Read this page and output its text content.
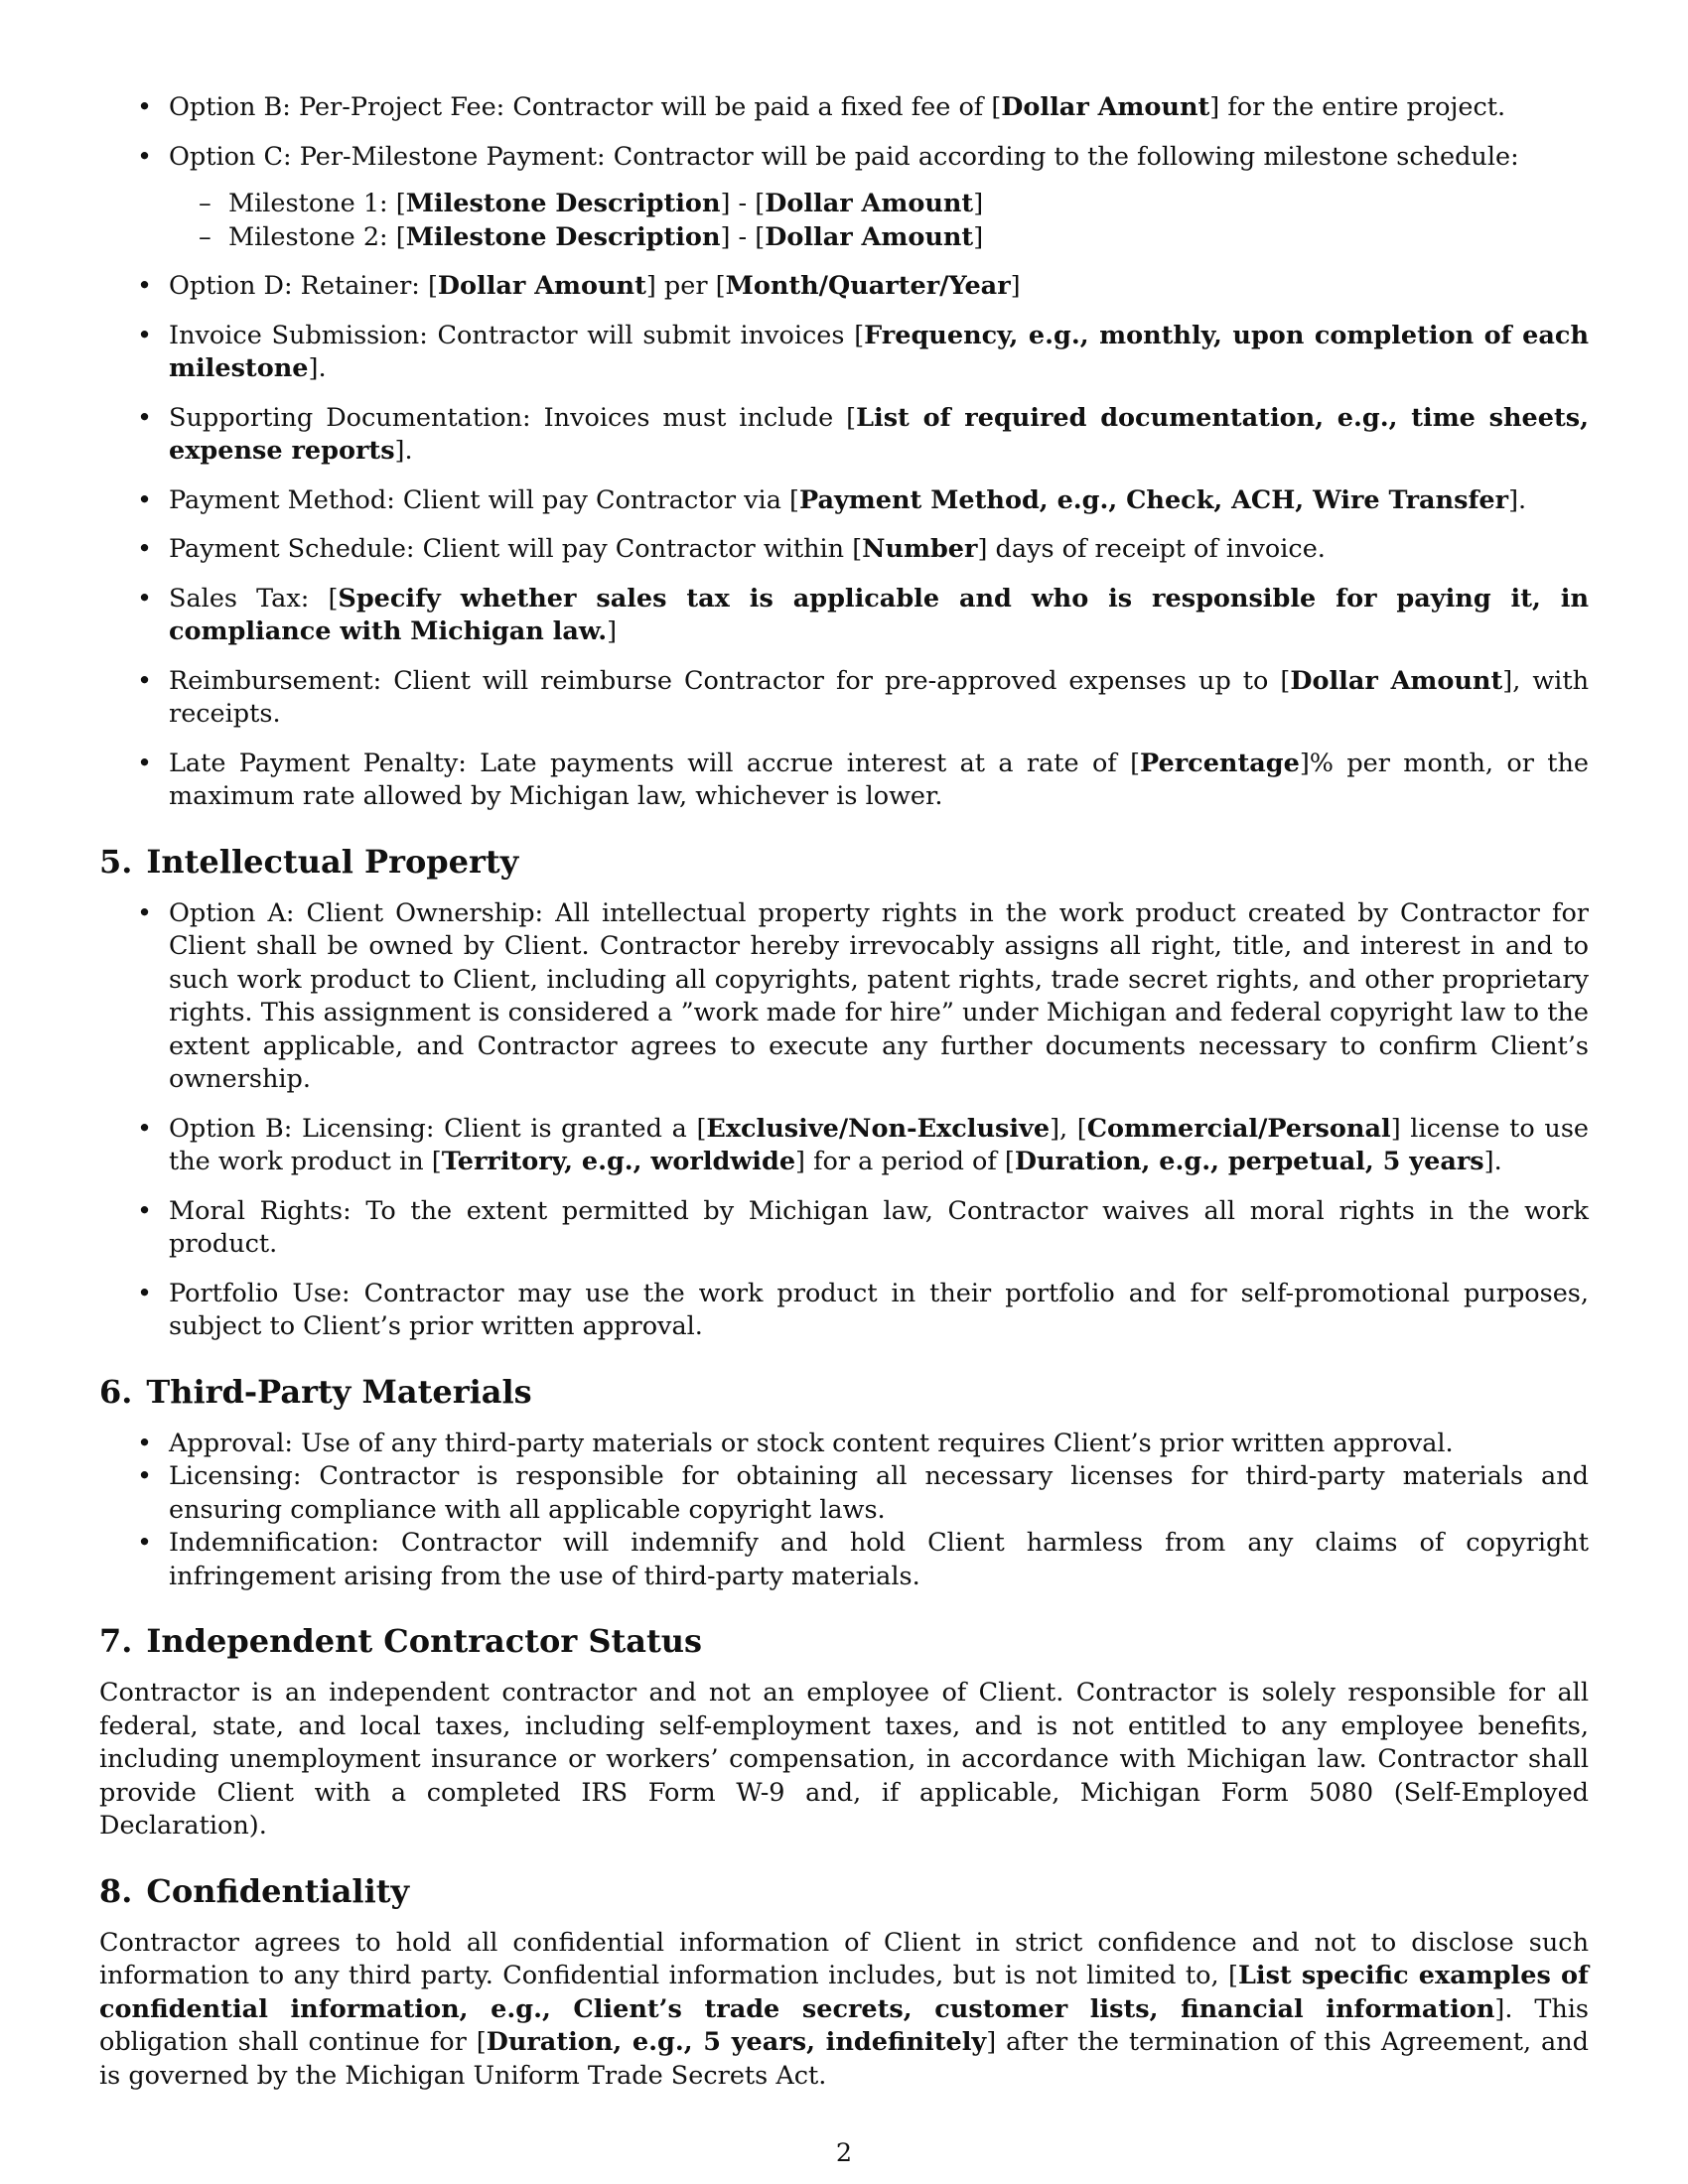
• Option B: Per-Project Fee: Contractor will be paid a fixed fee of [Dollar Amount] for the entire project.
• Option C: Per-Milestone Payment: Contractor will be paid according to the following milestone schedule:
– Milestone 1: [Milestone Description] - [Dollar Amount]
– Milestone 2: [Milestone Description] - [Dollar Amount]
• Option D: Retainer: [Dollar Amount] per [Month/Quarter/Year]
• Invoice Submission: Contractor will submit invoices [Frequency, e.g., monthly, upon completion of each milestone].
• Supporting Documentation: Invoices must include [List of required documentation, e.g., time sheets, expense reports].
• Payment Method: Client will pay Contractor via [Payment Method, e.g., Check, ACH, Wire Transfer].
• Payment Schedule: Client will pay Contractor within [Number] days of receipt of invoice.
• Sales Tax: [Specify whether sales tax is applicable and who is responsible for paying it, in compliance with Michigan law.]
• Reimbursement: Client will reimburse Contractor for pre-approved expenses up to [Dollar Amount], with receipts.
• Late Payment Penalty: Late payments will accrue interest at a rate of [Percentage]% per month, or the maximum rate allowed by Michigan law, whichever is lower.
5. Intellectual Property
• Option A: Client Ownership: All intellectual property rights in the work product created by Contractor for Client shall be owned by Client. Contractor hereby irrevocably assigns all right, title, and interest in and to such work product to Client, including all copyrights, patent rights, trade secret rights, and other proprietary rights. This assignment is considered a ”work made for hire” under Michigan and federal copyright law to the extent applicable, and Contractor agrees to execute any further documents necessary to confirm Client’s ownership.
• Option B: Licensing: Client is granted a [Exclusive/Non-Exclusive], [Commercial/Personal] license to use the work product in [Territory, e.g., worldwide] for a period of [Duration, e.g., perpetual, 5 years].
• Moral Rights: To the extent permitted by Michigan law, Contractor waives all moral rights in the work product.
• Portfolio Use: Contractor may use the work product in their portfolio and for self-promotional purposes, subject to Client’s prior written approval.
6. Third-Party Materials
• Approval: Use of any third-party materials or stock content requires Client’s prior written approval.
• Licensing: Contractor is responsible for obtaining all necessary licenses for third-party materials and ensuring compliance with all applicable copyright laws.
• Indemnification: Contractor will indemnify and hold Client harmless from any claims of copyright infringement arising from the use of third-party materials.
7. Independent Contractor Status

Contractor is an independent contractor and not an employee of Client. Contractor is solely responsible for all federal, state, and local taxes, including self-employment taxes, and is not entitled to any employee benefits, including unemployment insurance or workers’ compensation, in accordance with Michigan law. Contractor shall provide Client with a completed IRS Form W-9 and, if applicable, Michigan Form 5080 (Self-Employed Declaration).

8. Confidentiality

Contractor agrees to hold all confidential information of Client in strict confidence and not to disclose such information to any third party. Confidential information includes, but is not limited to, [List specific examples of confidential information, e.g., Client’s trade secrets, customer lists, financial information]. This obligation shall continue for [Duration, e.g., 5 years, indefinitely] after the termination of this Agreement, and is governed by the Michigan Uniform Trade Secrets Act.

2
